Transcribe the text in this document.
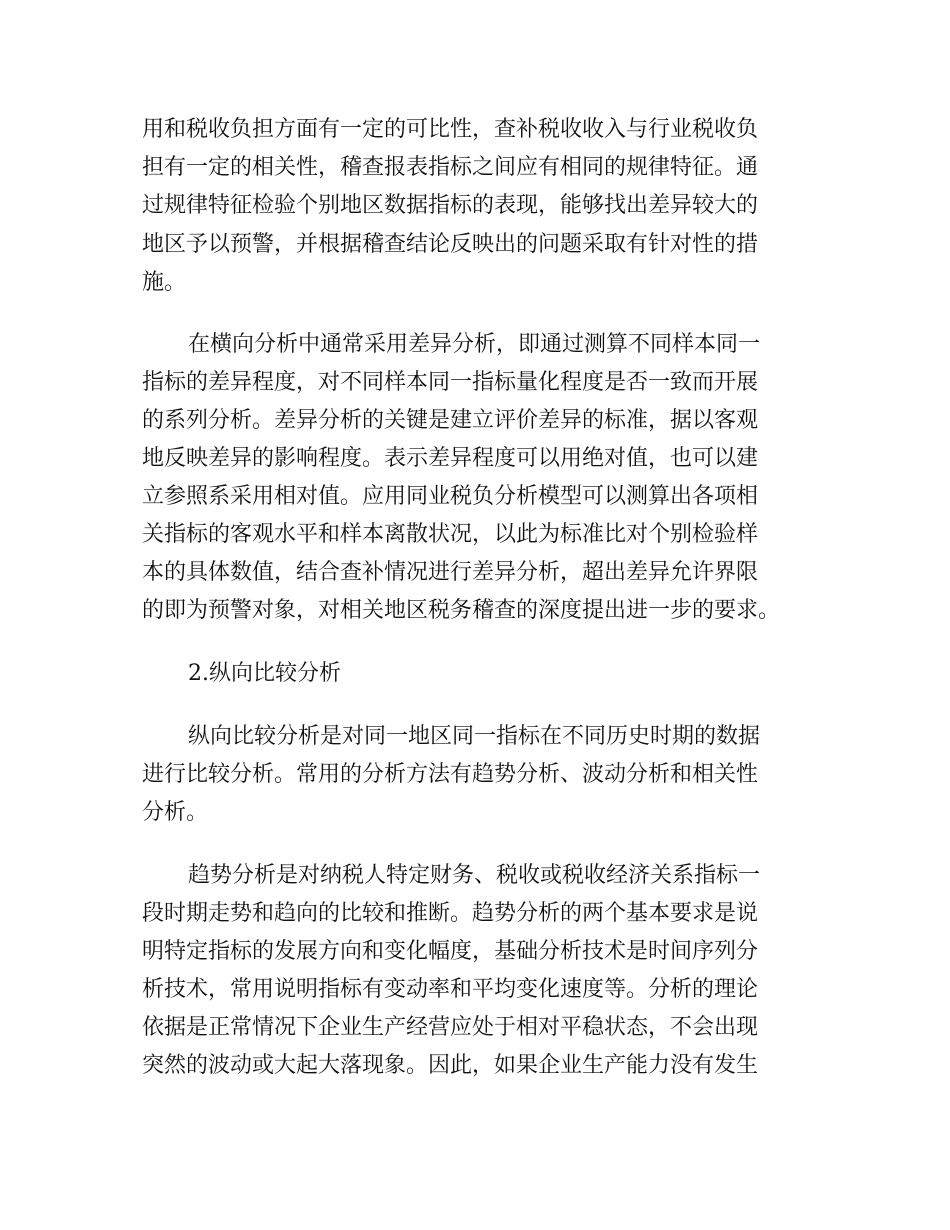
用和税收负担方面有一定的可比性，查补税收收入与行业税收负
担有一定的相关性，稽查报表指标之间应有相同的规律特征。通
过规律特征检验个别地区数据指标的表现，能够找出差异较大的
地区予以预警，并根据稽查结论反映出的问题采取有针对性的措
施。
在横向分析中通常采用差异分析，即通过测算不同样本同一
指标的差异程度，对不同样本同一指标量化程度是否一致而开展
的系列分析。差异分析的关键是建立评价差异的标准，据以客观
地反映差异的影响程度。表示差异程度可以用绝对值，也可以建
立参照系采用相对值。应用同业税负分析模型可以测算出各项相
关指标的客观水平和样本离散状况，以此为标准比对个别检验样
本的具体数值，结合查补情况进行差异分析，超出差异允许界限
的即为预警对象，对相关地区税务稽查的深度提出进一步的要求。
2.纵向比较分析
纵向比较分析是对同一地区同一指标在不同历史时期的数据
进行比较分析。常用的分析方法有趋势分析、波动分析和相关性
分析。
趋势分析是对纳税人特定财务、税收或税收经济关系指标一
段时期走势和趋向的比较和推断。趋势分析的两个基本要求是说
明特定指标的发展方向和变化幅度，基础分析技术是时间序列分
析技术，常用说明指标有变动率和平均变化速度等。分析的理论
依据是正常情况下企业生产经营应处于相对平稳状态，不会出现
突然的波动或大起大落现象。因此，如果企业生产能力没有发生
